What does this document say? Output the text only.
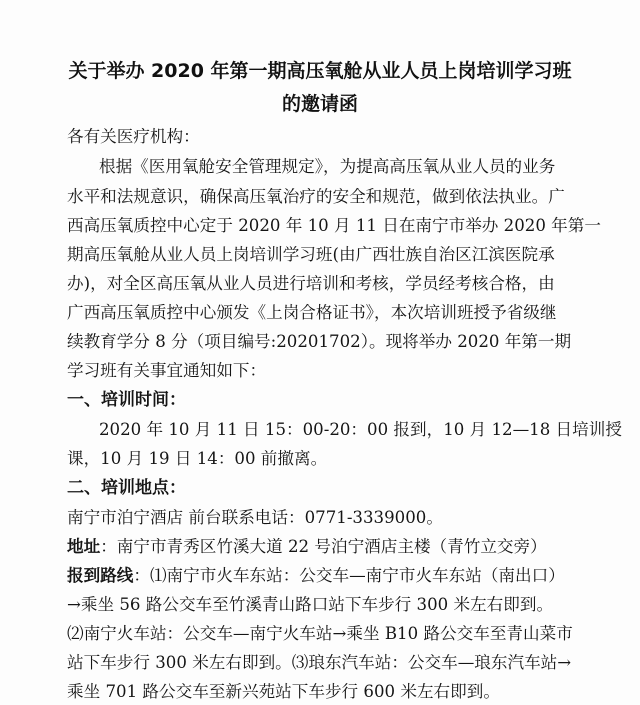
关于举办 2020 年第一期高压氧舱从业人员上岗培训学习班
的邀请函
各有关医疗机构：
根据《医用氧舱安全管理规定》，为提高高压氧从业人员的业务
水平和法规意识，确保高压氧治疗的安全和规范，做到依法执业。广
西高压氧质控中心定于 2020 年 10 月 11 日在南宁市举办 2020 年第一
期高压氧舱从业人员上岗培训学习班(由广西壮族自治区江滨医院承
办)，对全区高压氧从业人员进行培训和考核，学员经考核合格，由
广西高压氧质控中心颁发《上岗合格证书》，本次培训班授予省级继
续教育学分 8 分（项目编号:20201702）。现将举办 2020 年第一期
学习班有关事宜通知如下：
一、培训时间：
2020 年 10 月 11 日 15：00-20：00 报到，10 月 12—18 日培训授
课，10 月 19 日 14：00 前撤离。
二、培训地点：
南宁市泊宁酒店 前台联系电话：0771-3339000。
地址：南宁市青秀区竹溪大道 22 号泊宁酒店主楼（青竹立交旁）
报到路线：⑴南宁市火车东站：公交车—南宁市火车东站（南出口）
→乘坐 56 路公交车至竹溪青山路口站下车步行 300 米左右即到。
⑵南宁火车站：公交车—南宁火车站→乘坐 B10 路公交车至青山菜市
站下车步行 300 米左右即到。⑶琅东汽车站：公交车—琅东汽车站→
乘坐 701 路公交车至新兴苑站下车步行 600 米左右即到。
